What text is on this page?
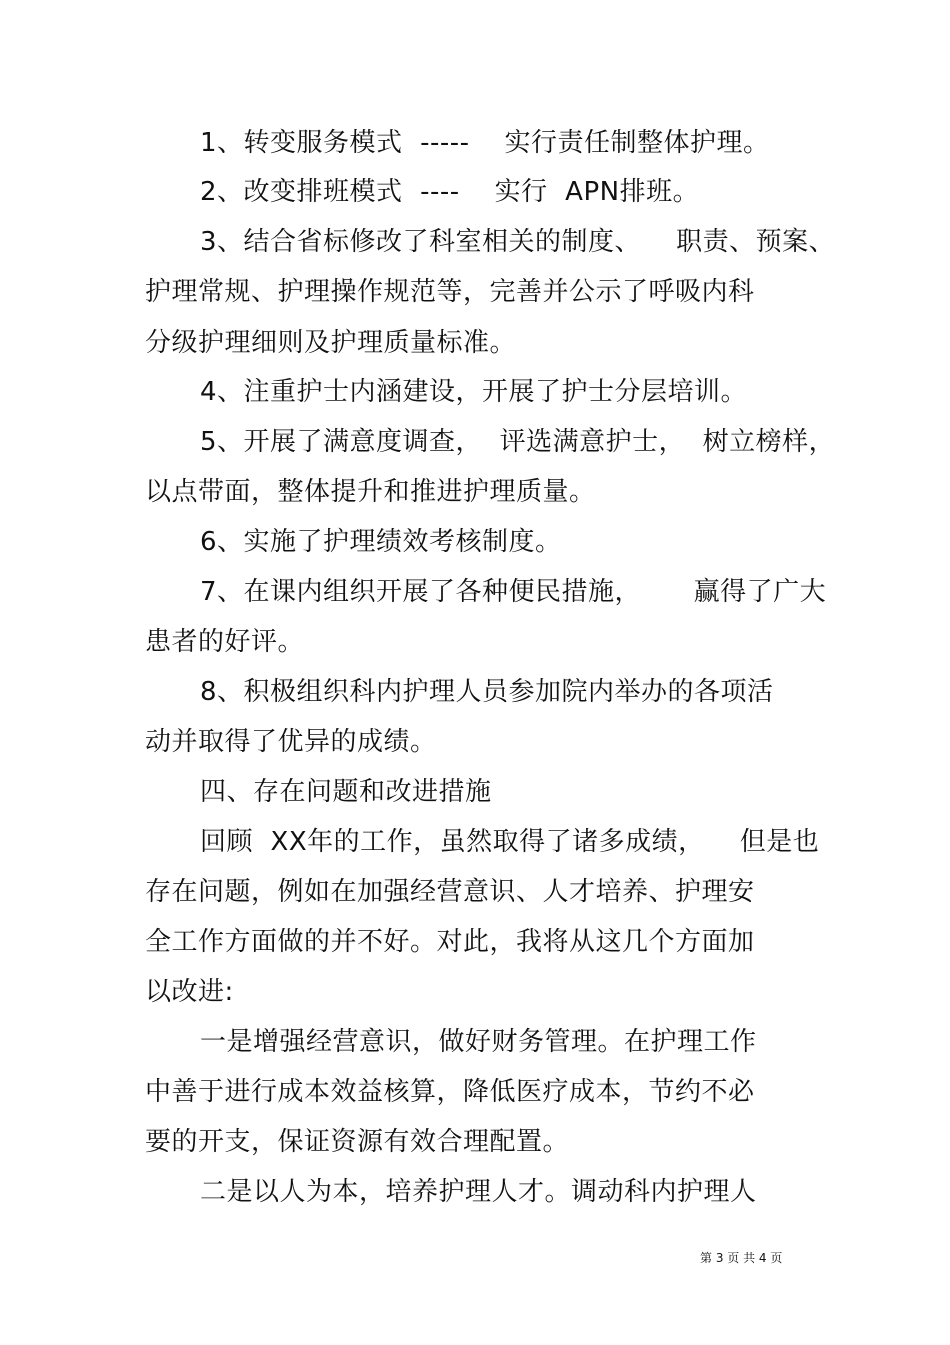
1、转变服务模式  -----    实行责任制整体护理。
2、改变排班模式  ----    实行  APN排班。
3、结合省标修改了科室相关的制度、    职责、预案、
护理常规、护理操作规范等，完善并公示了呼吸内科
分级护理细则及护理质量标准。
4、注重护士内涵建设，开展了护士分层培训。
5、开展了满意度调查，  评选满意护士，  树立榜样，
以点带面，整体提升和推进护理质量。
6、实施了护理绩效考核制度。
7、在课内组织开展了各种便民措施，      赢得了广大
患者的好评。
8、积极组织科内护理人员参加院内举办的各项活
动并取得了优异的成绩。
四、存在问题和改进措施
回顾  XX年的工作，虽然取得了诸多成绩，    但是也
存在问题，例如在加强经营意识、人才培养、护理安
全工作方面做的并不好。对此，我将从这几个方面加
以改进:
一是增强经营意识，做好财务管理。在护理工作
中善于进行成本效益核算，降低医疗成本，节约不必
要的开支，保证资源有效合理配置。
二是以人为本，培养护理人才。调动科内护理人
第 3 页 共 4 页
